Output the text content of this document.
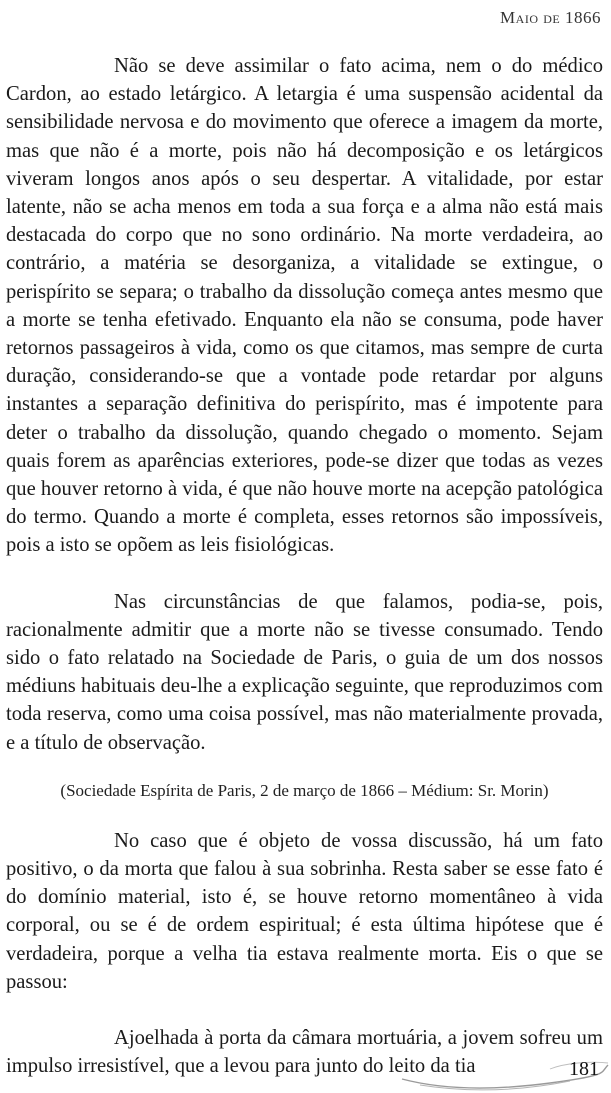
Maio de 1866

Não se deve assimilar o fato acima, nem o do médico Cardon, ao estado letárgico. A letargia é uma suspensão acidental da sensibilidade nervosa e do movimento que oferece a imagem da morte, mas que não é a morte, pois não há decomposição e os letárgicos viveram longos anos após o seu despertar. A vitalidade, por estar latente, não se acha menos em toda a sua força e a alma não está mais destacada do corpo que no sono ordinário. Na morte verdadeira, ao contrário, a matéria se desorganiza, a vitalidade se extingue, o perispírito se separa; o trabalho da dissolução começa antes mesmo que a morte se tenha efetivado. Enquanto ela não se consuma, pode haver retornos passageiros à vida, como os que citamos, mas sempre de curta duração, considerando-se que a vontade pode retardar por alguns instantes a separação definitiva do perispírito, mas é impotente para deter o trabalho da dissolução, quando chegado o momento. Sejam quais forem as aparências exteriores, pode-se dizer que todas as vezes que houver retorno à vida, é que não houve morte na acepção patológica do termo. Quando a morte é completa, esses retornos são impossíveis, pois a isto se opõem as leis fisiológicas.

Nas circunstâncias de que falamos, podia-se, pois, racionalmente admitir que a morte não se tivesse consumado. Tendo sido o fato relatado na Sociedade de Paris, o guia de um dos nossos médiuns habituais deu-lhe a explicação seguinte, que reproduzimos com toda reserva, como uma coisa possível, mas não materialmente provada, e a título de observação.

(Sociedade Espírita de Paris, 2 de março de 1866 – Médium: Sr. Morin)

No caso que é objeto de vossa discussão, há um fato positivo, o da morta que falou à sua sobrinha. Resta saber se esse fato é do domínio material, isto é, se houve retorno momentâneo à vida corporal, ou se é de ordem espiritual; é esta última hipótese que é verdadeira, porque a velha tia estava realmente morta. Eis o que se passou:

Ajoelhada à porta da câmara mortuária, a jovem sofreu um impulso irresistível, que a levou para junto do leito da tia	181
